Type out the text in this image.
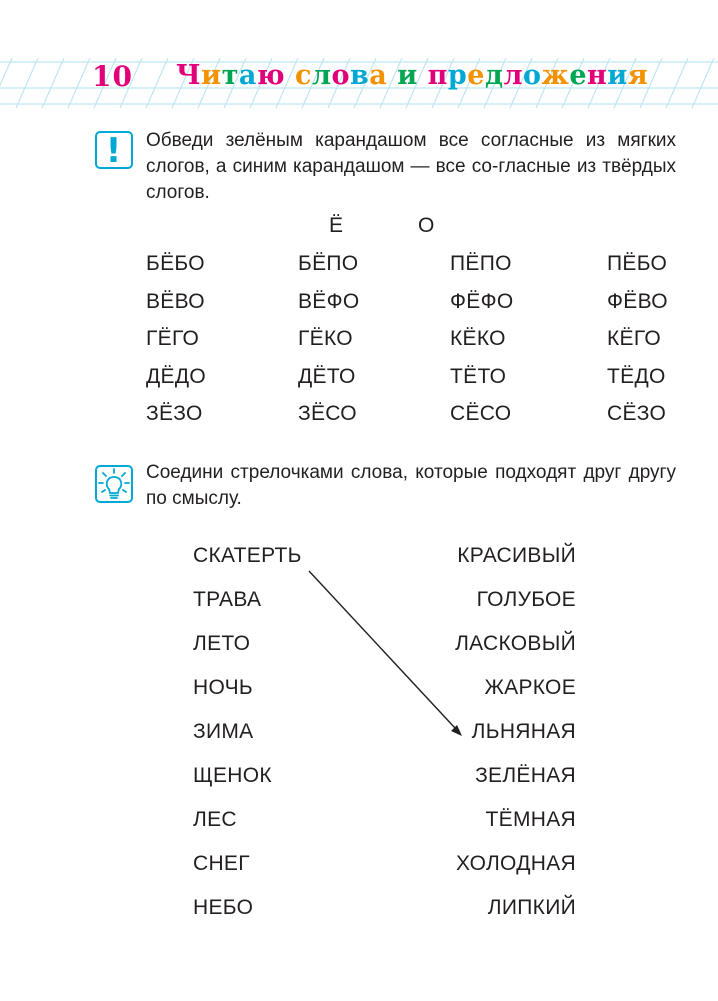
10 Читаю слова и предложения
!	Обведи зелёным карандашом все согласные из мягких слогов, а синим карандашом — все со-гласные из твёрдых слогов.
Ё	О
БЁБО	БЁПО	ПЁПО	ПЁБО
ВЁВО	ВЁФО	ФЁФО	ФЁВО
ГЁГО	ГЁКО	КЁКО	КЁГО
ДЁДО	ДЁТО	ТЁТО	ТЁДО
ЗЁЗО	ЗЁСО	СЁСО	СЁЗО
Соедини стрелочками слова, которые подходят друг другу по смыслу.
СКАТЕРТЬ
ТРАВА
ЛЕТО
НОЧЬ
ЗИМА
ЩЕНОК
ЛЕС
СНЕГ
НЕБО
КРАСИВЫЙ
ГОЛУБОЕ
ЛАСКОВЫЙ
ЖАРКОЕ
ЛЬНЯНАЯ
ЗЕЛЁНАЯ
ТЁМНАЯ
ХОЛОДНАЯ
ЛИПКИЙ
